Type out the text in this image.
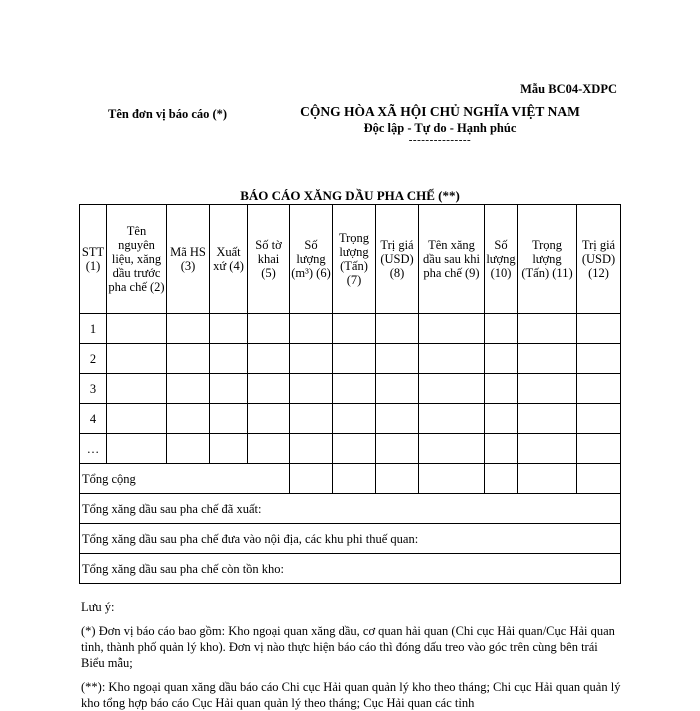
Mẫu BC04-XDPC
Tên đơn vị báo cáo (*)	CỘNG HÒA XÃ HỘI CHỦ NGHĨA VIỆT NAM
Độc lập - Tự do - Hạnh phúc
---------------
BÁO CÁO XĂNG DẦU PHA CHẾ (**)
STT (1)	Tên nguyên liệu, xăng dầu trước pha chế (2)	Mã HS (3)	Xuất xứ (4)	Số tờ khai (5)	Số lượng (m³) (6)	Trọng lượng (Tấn) (7)	Trị giá (USD) (8)	Tên xăng dầu sau khi pha chế (9)	Số lượng (10)	Trọng lượng (Tấn) (11)	Trị giá (USD) (12)
1											
2											
3											
4											
…											
Tổng cộng											
Tổng xăng dầu sau pha chế đã xuất:											
Tổng xăng dầu sau pha chế đưa vào nội địa, các khu phi thuế quan:											
Tổng xăng dầu sau pha chế còn tồn kho:											

Lưu ý:

(*) Đơn vị báo cáo bao gồm: Kho ngoại quan xăng dầu, cơ quan hải quan (Chi cục Hải quan/Cục Hải quan tỉnh, thành phố quản lý kho). Đơn vị nào thực hiện báo cáo thì đóng dấu treo vào góc trên cùng bên trái Biểu mẫu;

(**): Kho ngoại quan xăng dầu báo cáo Chi cục Hải quan quản lý kho theo tháng; Chi cục Hải quan quản lý kho tổng hợp báo cáo Cục Hải quan quản lý theo tháng; Cục Hải quan các tỉnh
